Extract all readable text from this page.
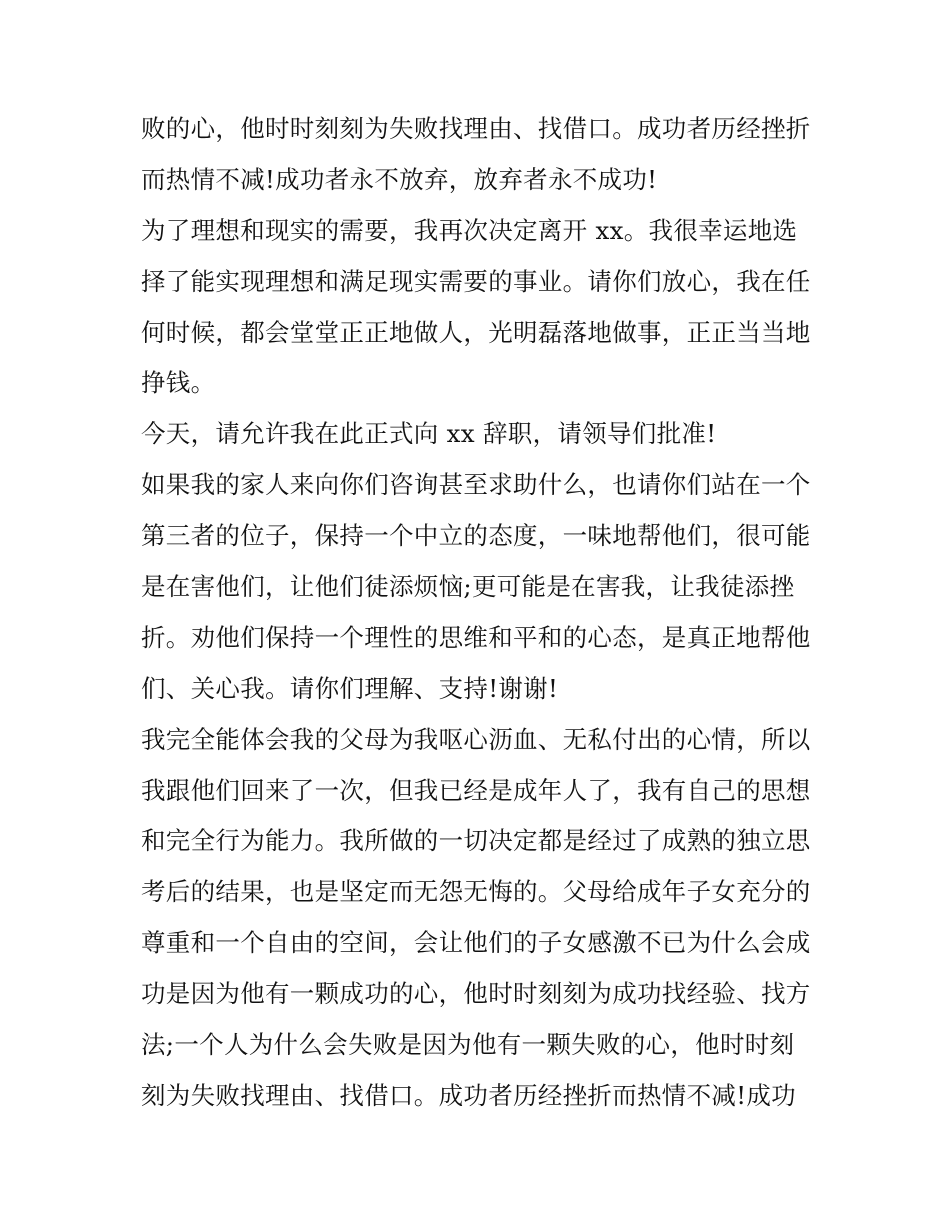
败的心，他时时刻刻为失败找理由、找借口。成功者历经挫折
而热情不减!成功者永不放弃，放弃者永不成功!
为了理想和现实的需要，我再次决定离开 xx。我很幸运地选
择了能实现理想和满足现实需要的事业。请你们放心，我在任
何时候，都会堂堂正正地做人，光明磊落地做事，正正当当地
挣钱。
今天，请允许我在此正式向 xx 辞职，请领导们批准!
如果我的家人来向你们咨询甚至求助什么，也请你们站在一个
第三者的位子，保持一个中立的态度，一味地帮他们，很可能
是在害他们，让他们徒添烦恼;更可能是在害我，让我徒添挫
折。劝他们保持一个理性的思维和平和的心态，是真正地帮他
们、关心我。请你们理解、支持!谢谢!
我完全能体会我的父母为我呕心沥血、无私付出的心情，所以
我跟他们回来了一次，但我已经是成年人了，我有自己的思想
和完全行为能力。我所做的一切决定都是经过了成熟的独立思
考后的结果，也是坚定而无怨无悔的。父母给成年子女充分的
尊重和一个自由的空间，会让他们的子女感激不已为什么会成
功是因为他有一颗成功的心，他时时刻刻为成功找经验、找方
法;一个人为什么会失败是因为他有一颗失败的心，他时时刻
刻为失败找理由、找借口。成功者历经挫折而热情不减!成功
